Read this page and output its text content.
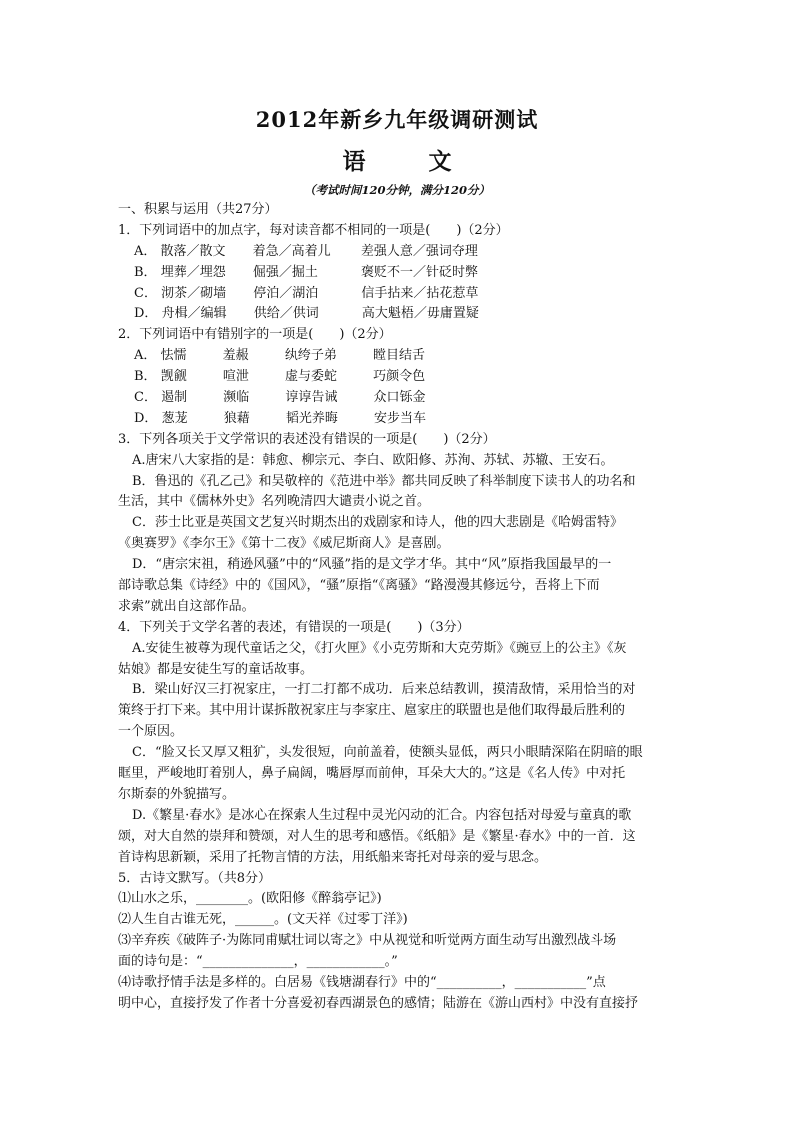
2012年新乡九年级调研测试
语　文
（考试时间120分钟，满分120分）
一、积累与运用（共27分）
1．下列词语中的加点字，每对读音都不相同的一项是(　　)（2分）
A． 散落／散文 着急／高着儿 差强人意／强词夺理
B． 埋葬／埋怨 倔强／掘土	褒贬不一／针砭时弊
C． 沏茶／砌墙 停泊／湖泊	信手拈来／拈花惹草
D． 舟楫／编辑 供给／供词	高大魁梧／毋庸置疑
2．下列词语中有错别字的一项是(　　)（2分）
A． 怯懦	羞赧	纨绔子弟	瞠目结舌
B． 觊觎	喧泄	虚与委蛇	巧颜令色
C． 遏制	濒临	谆谆告诫	众口铄金
D． 葱茏	狼藉	韬光养晦	安步当车
3．下列各项关于文学常识的表述没有错误的一项是(　　)（2分）
A.唐宋八大家指的是：韩愈、柳宗元、李白、欧阳修、苏洵、苏轼、苏辙、王安石。
B．鲁迅的《孔乙己》和吴敬梓的《范进中举》都共同反映了科举制度下读书人的功名和
生活，其中《儒林外史》名列晚清四大谴责小说之首。
C．莎士比亚是英国文艺复兴时期杰出的戏剧家和诗人，他的四大悲剧是《哈姆雷特》
《奥赛罗》《李尔王》《第十二夜》《威尼斯商人》是喜剧。
D．“唐宗宋祖，稍逊风骚”中的“风骚”指的是文学才华。其中“风”原指我国最早的一
部诗歌总集《诗经》中的《国风》，“骚”原指“《离骚》“路漫漫其修远兮，吾将上下而
求索”就出自这部作品。
4．下列关于文学名著的表述，有错误的一项是(　　)（3分）
A.安徒生被尊为现代童话之父，《打火匣》《小克劳斯和大克劳斯》《豌豆上的公主》《灰
姑娘》都是安徒生写的童话故事。
B．梁山好汉三打祝家庄，一打二打都不成功．后来总结教训，摸清敌情，采用恰当的对
策终于打下来。其中用计谋拆散祝家庄与李家庄、扈家庄的联盟也是他们取得最后胜利的
一个原因。
C．“脸又长又厚又粗犷，头发很短，向前盖着，使额头显低，两只小眼睛深陷在阴暗的眼
眶里，严峻地盯着别人，鼻子扁阔，嘴唇厚而前伸，耳朵大大的。”这是《名人传》中对托
尔斯泰的外貌描写。
D.《繁星·春水》是冰心在探索人生过程中灵光闪动的汇合。内容包括对母爱与童真的歌
颂，对大自然的崇拜和赞颂，对人生的思考和感悟。《纸船》是《繁星·春水》中的一首．这
首诗构思新颖，采用了托物言情的方法，用纸船来寄托对母亲的爱与思念。
5．古诗文默写。（共8分）
⑴山水之乐，________。(欧阳修《醉翁亭记》)
⑵人生自古谁无死，______。(文天祥《过零丁洋》)
⑶辛弃疾《破阵子·为陈同甫赋壮词以寄之》中从视觉和听觉两方面生动写出激烈战斗场
面的诗句是：“______________，____________。”
⑷诗歌抒情手法是多样的。白居易《钱塘湖春行》中的“__________，___________”点
明中心，直接抒发了作者十分喜爱初春西湖景色的感情；陆游在《游山西村》中没有直接抒
